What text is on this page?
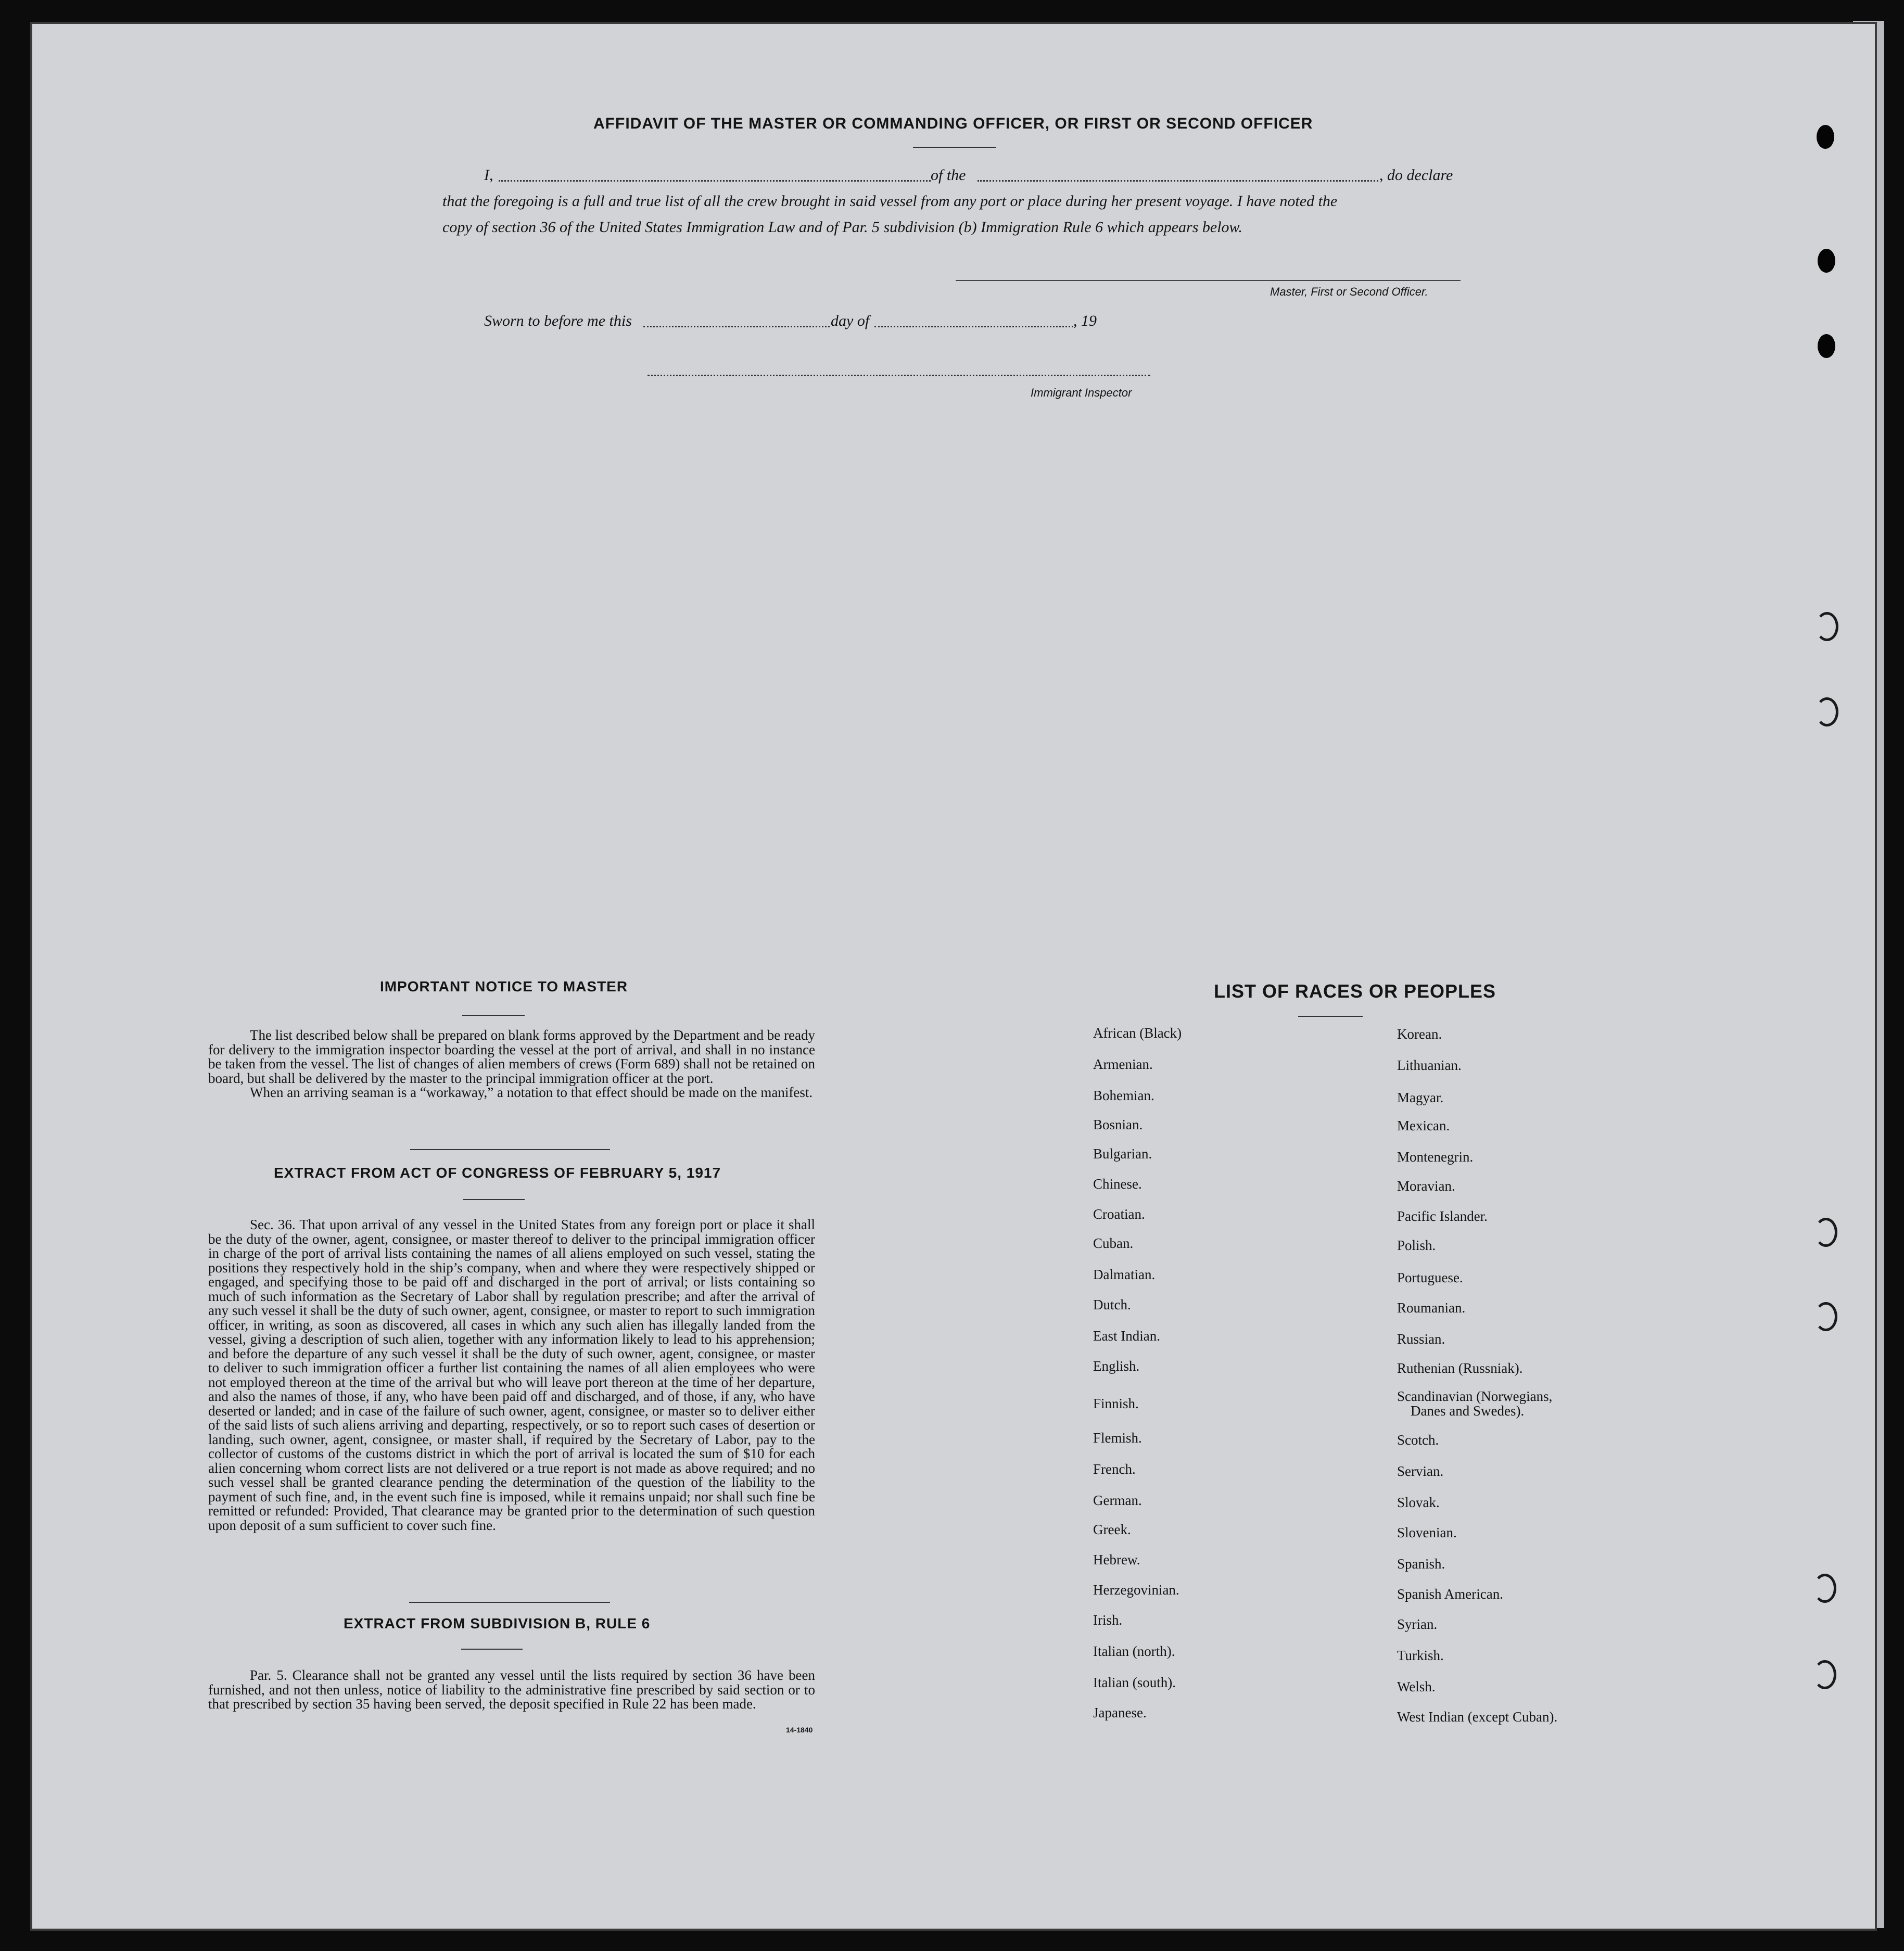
AFFIDAVIT OF THE MASTER OR COMMANDING OFFICER, OR FIRST OR SECOND OFFICER
I,	of the	, do declare
that the foregoing is a full and true list of all the crew brought in said vessel from any port or place during her present voyage. I have noted the
copy of section 36 of the United States Immigration Law and of Par. 5 subdivision (b) Immigration Rule 6 which appears below.
Master, First or Second Officer.
Sworn to before me this	day of	, 19
Immigrant Inspector
IMPORTANT NOTICE TO MASTER

The list described below shall be prepared on blank forms approved by the Department and be ready for delivery to the immigration inspector boarding the vessel at the port of arrival, and shall in no instance be taken from the vessel. The list of changes of alien members of crews (Form 689) shall not be retained on board, but shall be delivered by the master to the principal immigration officer at the port.

When an arriving seaman is a “workaway,” a notation to that effect should be made on the manifest.

EXTRACT FROM ACT OF CONGRESS OF FEBRUARY 5, 1917

Sec. 36. That upon arrival of any vessel in the United States from any foreign port or place it shall be the duty of the owner, agent, consignee, or master thereof to deliver to the principal immigration officer in charge of the port of arrival lists containing the names of all aliens employed on such vessel, stating the positions they respectively hold in the ship’s company, when and where they were respectively shipped or engaged, and specifying those to be paid off and discharged in the port of arrival; or lists containing so much of such information as the Secretary of Labor shall by regulation prescribe; and after the arrival of any such vessel it shall be the duty of such owner, agent, consignee, or master to report to such immigration officer, in writing, as soon as discovered, all cases in which any such alien has illegally landed from the vessel, giving a description of such alien, together with any information likely to lead to his apprehension; and before the departure of any such vessel it shall be the duty of such owner, agent, consignee, or master to deliver to such immigration officer a further list containing the names of all alien employees who were not employed thereon at the time of the arrival but who will leave port thereon at the time of her departure, and also the names of those, if any, who have been paid off and discharged, and of those, if any, who have deserted or landed; and in case of the failure of such owner, agent, consignee, or master so to deliver either of the said lists of such aliens arriving and departing, respectively, or so to report such cases of desertion or landing, such owner, agent, consignee, or master shall, if required by the Secretary of Labor, pay to the collector of customs of the customs district in which the port of arrival is located the sum of $10 for each alien concerning whom correct lists are not delivered or a true report is not made as above required; and no such vessel shall be granted clearance pending the determination of the question of the liability to the payment of such fine, and, in the event such fine is imposed, while it remains unpaid; nor shall such fine be remitted or refunded: Provided, That clearance may be granted prior to the determination of such question upon deposit of a sum sufficient to cover such fine.

EXTRACT FROM SUBDIVISION B, RULE 6

Par. 5. Clearance shall not be granted any vessel until the lists required by section 36 have been furnished, and not then unless, notice of liability to the administrative fine prescribed by said section or to that prescribed by section 35 having been served, the deposit specified in Rule 22 has been made.

14-1840
LIST OF RACES OR PEOPLES
African (Black)
Armenian.
Bohemian.
Bosnian.
Bulgarian.
Chinese.
Croatian.
Cuban.
Dalmatian.
Dutch.
East Indian.
English.
Finnish.
Flemish.
French.
German.
Greek.
Hebrew.
Herzegovinian.
Irish.
Italian (north).
Italian (south).
Japanese.
Korean.
Lithuanian.
Magyar.
Mexican.
Montenegrin.
Moravian.
Pacific Islander.
Polish.
Portuguese.
Roumanian.
Russian.
Ruthenian (Russniak).
Scandinavian (Norwegians,
Danes and Swedes).
Scotch.
Servian.
Slovak.
Slovenian.
Spanish.
Spanish American.
Syrian.
Turkish.
Welsh.
West Indian (except Cuban).
